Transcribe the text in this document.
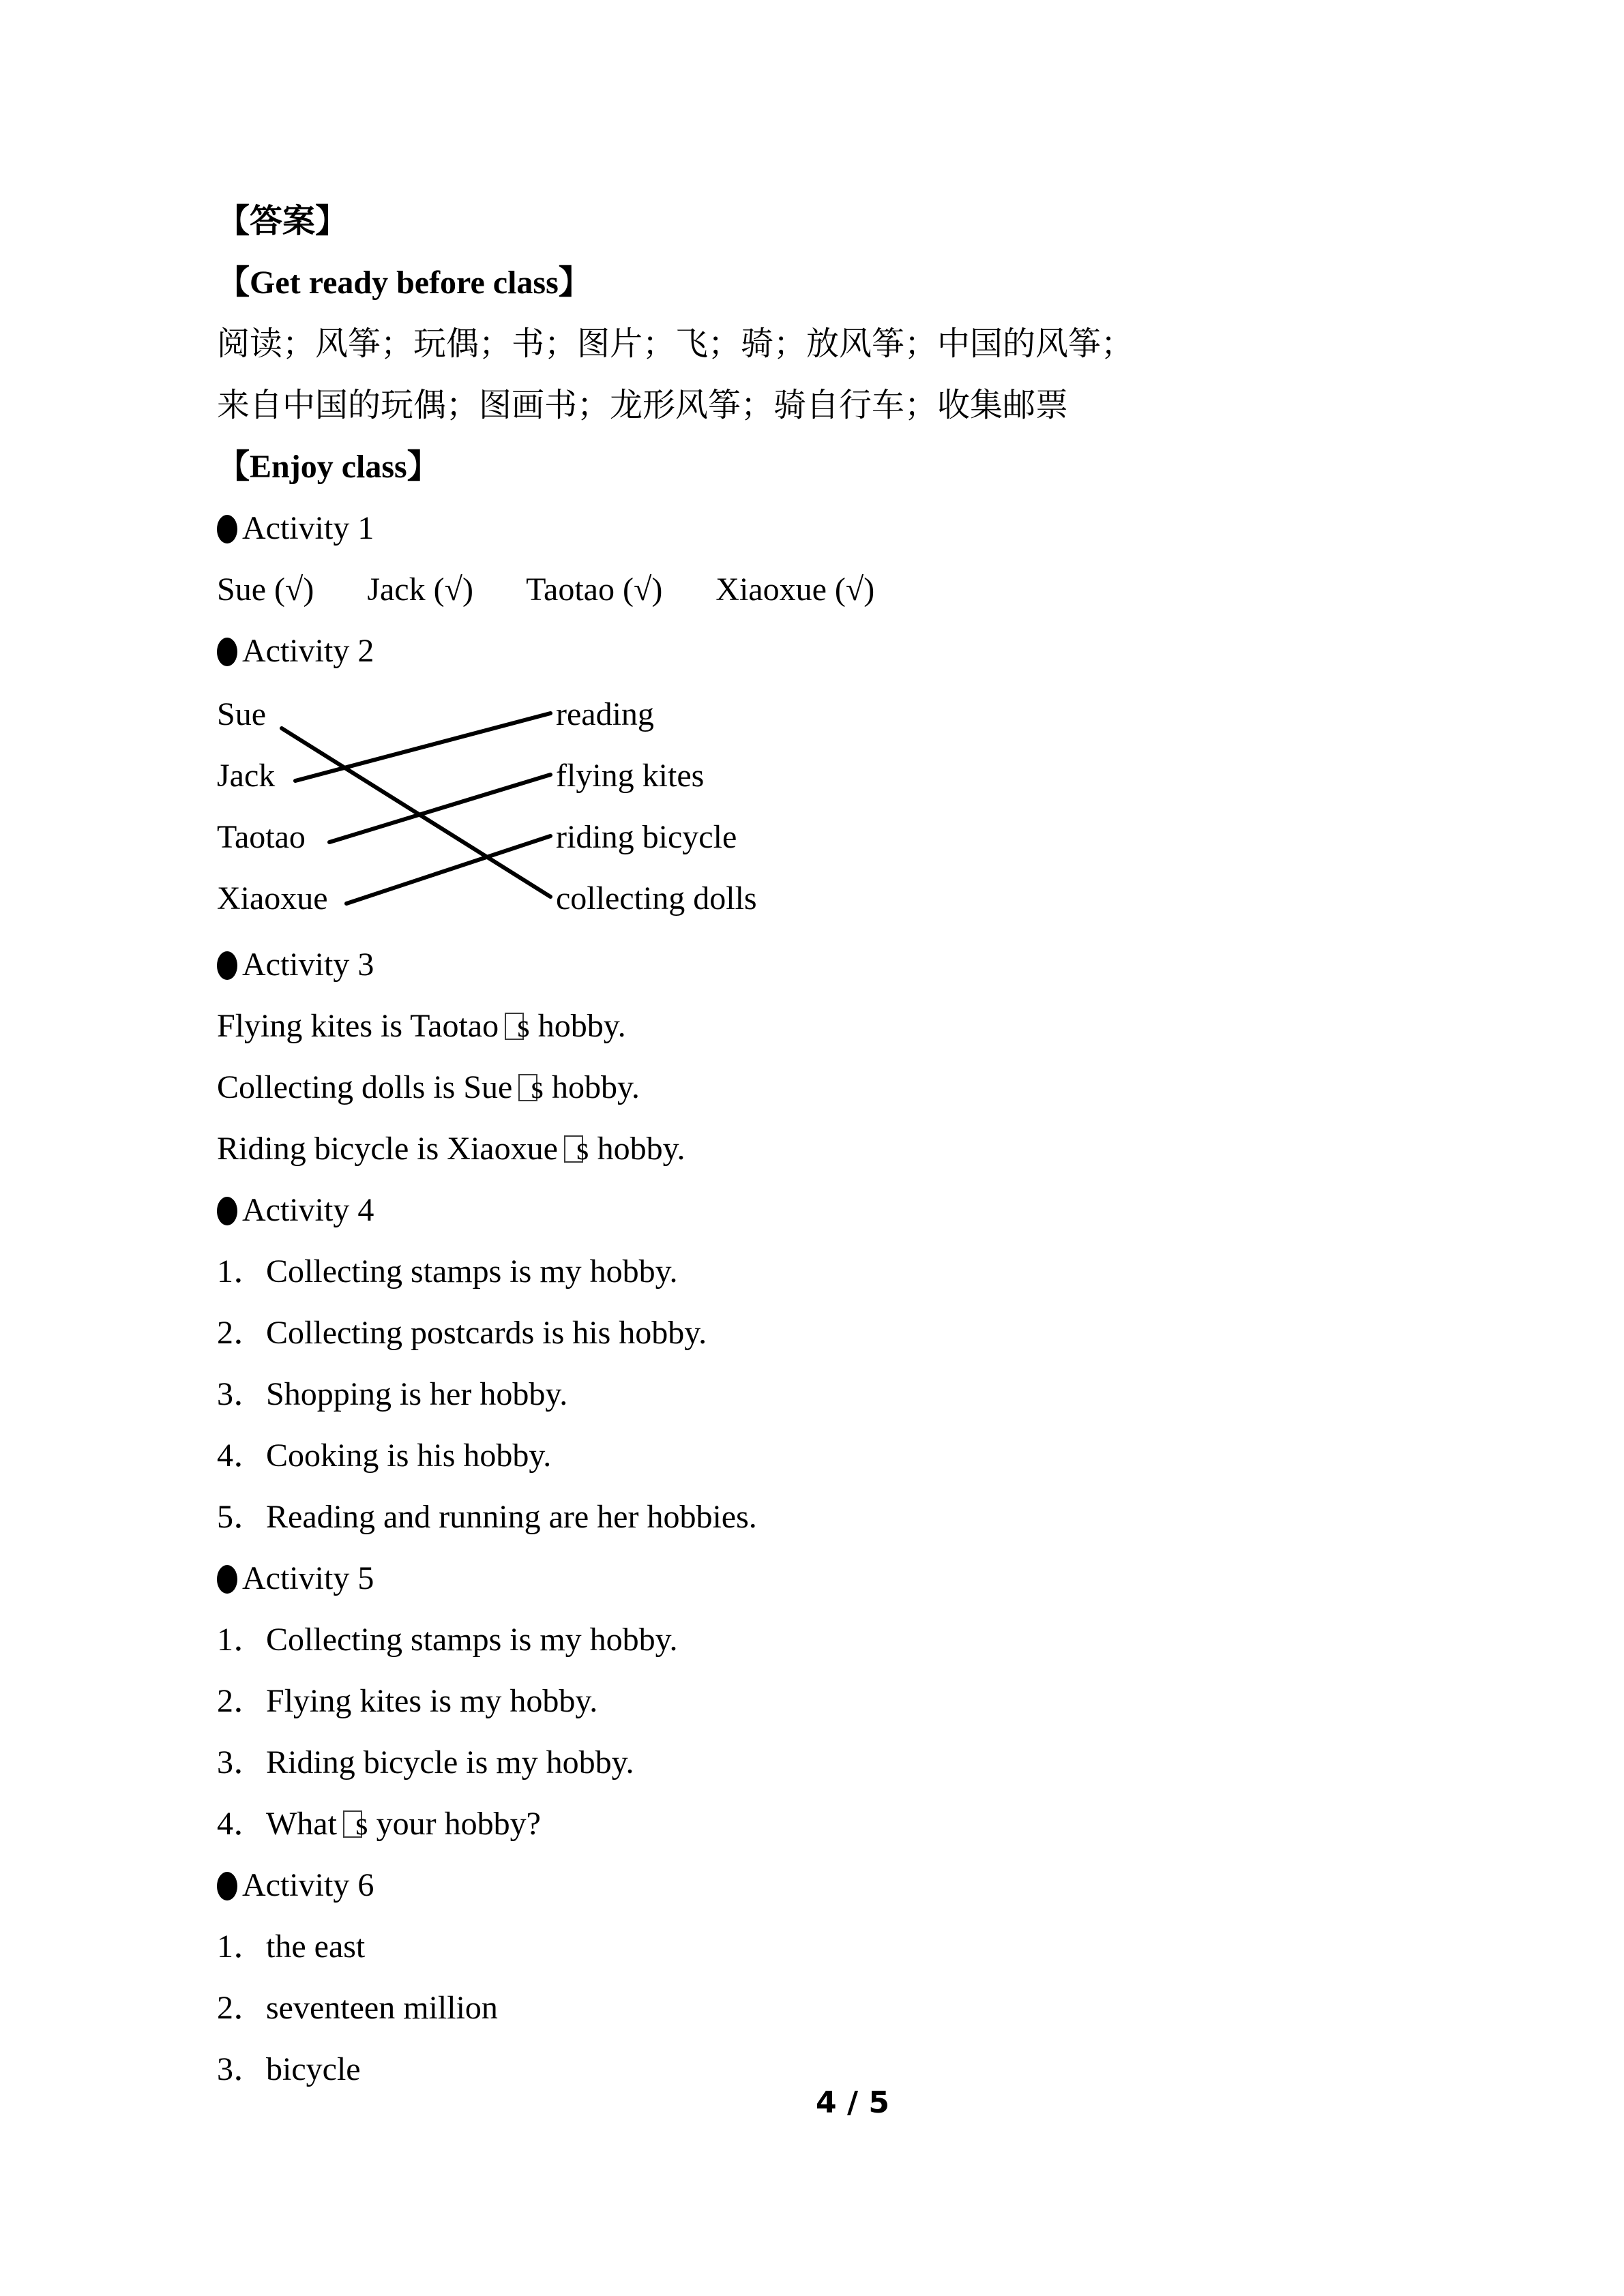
【答案】
【Get ready before class】
阅读；风筝；玩偶；书；图片；飞；骑；放风筝；中国的风筝；
来自中国的玩偶；图画书；龙形风筝；骑自行车；收集邮票
【Enjoy class】
Activity 1
Sue (√) Jack (√) Taotao (√) Xiaoxue (√)
Activity 2
Sue
Jack
Taotao
Xiaoxue
reading
flying kites
riding bicycle
collecting dolls
Activity 3
Flying kites is Taotao s hobby.
Collecting dolls is Sue s hobby.
Riding bicycle is Xiaoxue s hobby.
Activity 4
1．Collecting stamps is my hobby.
2．Collecting postcards is his hobby.
3．Shopping is her hobby.
4．Cooking is his hobby.
5．Reading and running are her hobbies.
Activity 5
1．Collecting stamps is my hobby.
2．Flying kites is my hobby.
3．Riding bicycle is my hobby.
4．What s your hobby?
Activity 6
1．the east
2．seventeen million
3．bicycle
4 / 5
